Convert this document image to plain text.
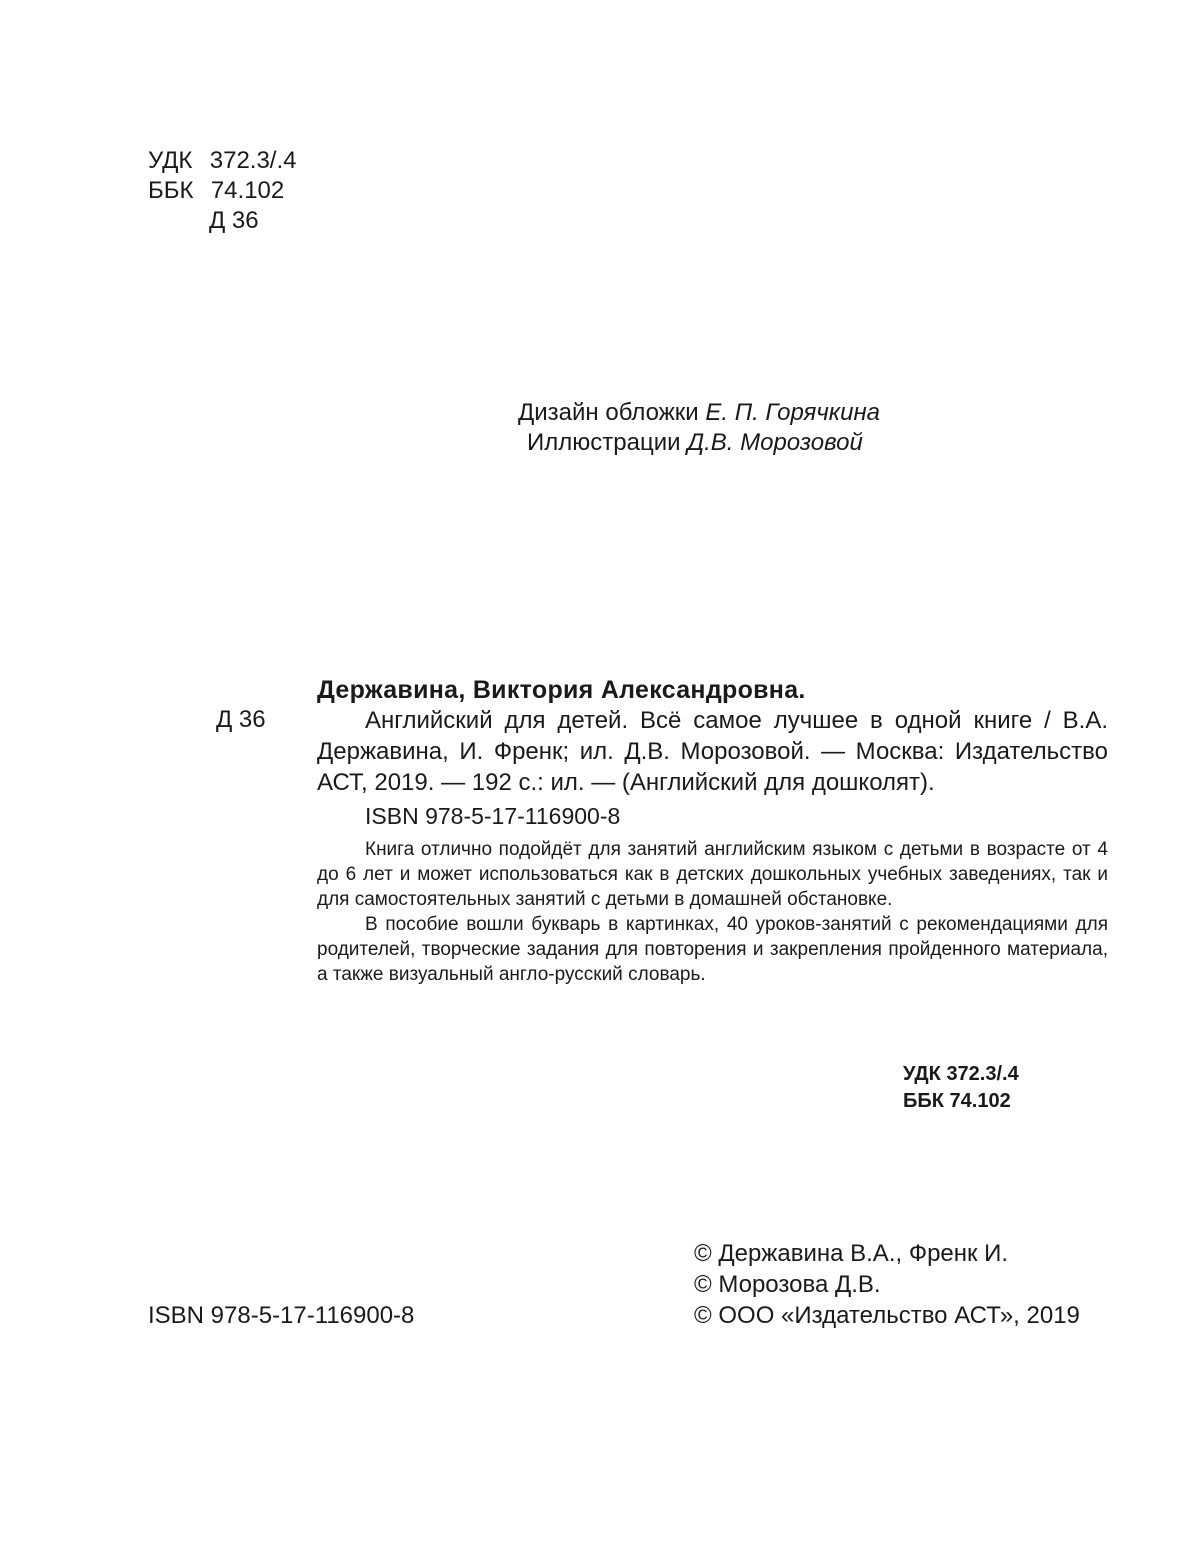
УДК 372.3/.4
ББК 74.102
Д 36
Дизайн обложки Е. П. Горячкина
Иллюстрации Д.В. Морозовой
Державина, Виктория Александровна.
Д 36	Английский для детей. Всё самое лучшее в одной книге / В.А. Державина, И. Френк; ил. Д.В. Морозовой. — Москва: Издательство АСТ, 2019. — 192 с.: ил. — (Английский для дошколят).

ISBN 978-5-17-116900-8

Книга отлично подойдёт для занятий английским языком с детьми в возрасте от 4 до 6 лет и может использоваться как в детских дошкольных учебных заведениях, так и для самостоятельных занятий с детьми в домашней обстановке.

В пособие вошли букварь в картинках, 40 уроков-занятий с рекомендациями для родителей, творческие задания для повторения и закрепления пройденного материала, а также визуальный англо-русский словарь.

УДК 372.3/.4
ББК 74.102
© Державина В.А., Френк И.
© Морозова Д.В.
© ООО «Издательство АСТ», 2019
ISBN 978-5-17-116900-8
